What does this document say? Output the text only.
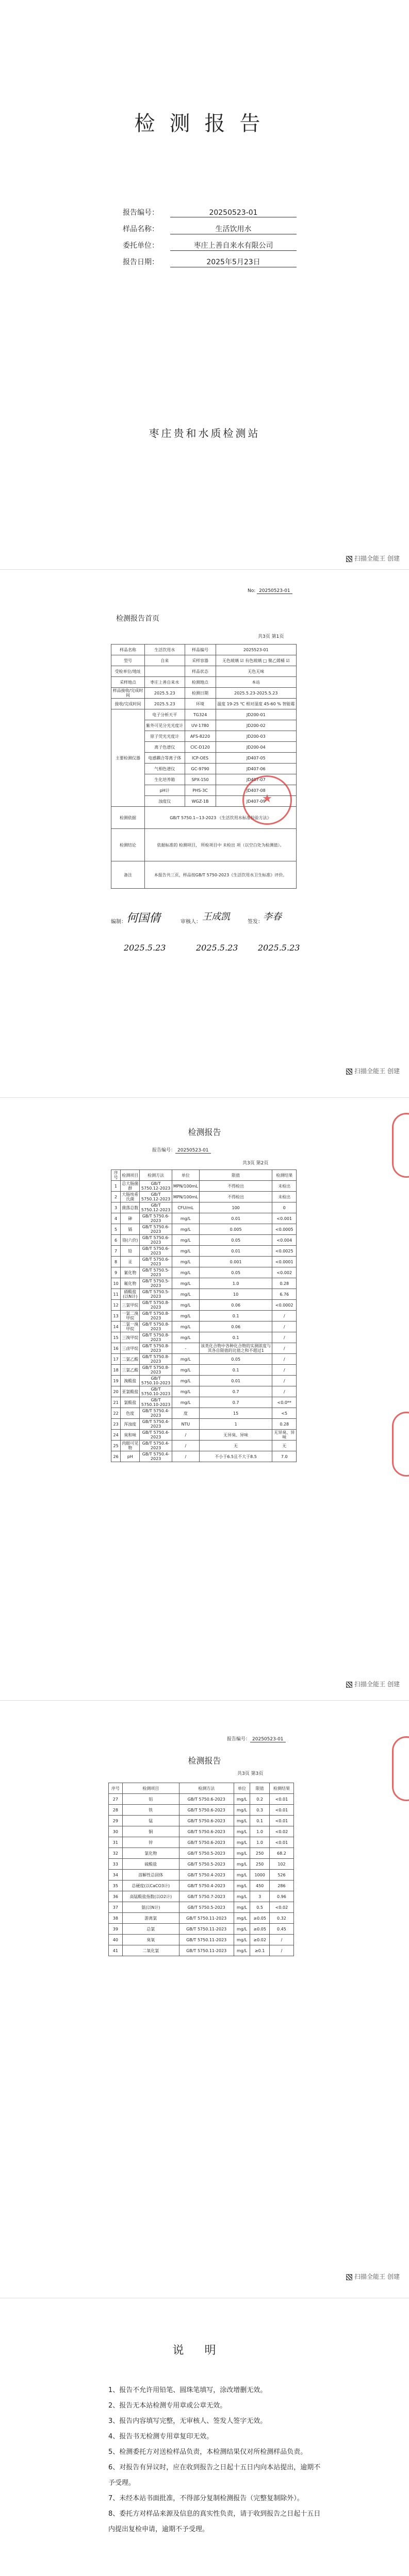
检测报告
报告编号：	20250523-01
样品名称：	生活饮用水
委托单位：	枣庄上善自来水有限公司
报告日期：	2025年5月23日
枣庄贵和水质检测站
扫描全能王 创建
No: 20250523-01
检测报告首页
共3页 第1页
样品名称	生活饮用水	样品编号	2025523-01
型号	自来	采样容器	无色玻璃 ☑ 有色玻璃 □ 聚乙烯桶 ☑
受检单位/地址		样品状态	无色无味
采样地点	枣庄上善自来水	检测地点	本站
样品接收/完成时间	2025.5.23	检测日期	2025.5.23-2025.5.23
接收/完成时间	2025.5.23	环境	温度 19-25 ℃ 相对湿度 45-60 % 智能霉
主要检测仪器	电子分析天平	TG324	JD200-01
	紫外可见分光光度计	UV-1780	JD200-02
	原子荧光光度计	AFS-8220	JD200-03
	离子色谱仪	CIC-D120	JD200-04
	电感耦合等离子体	ICP-OES	JD407-05
	气相色谱仪	GC-9790	JD407-06
	生化培养箱	SPX-150	JD407-07
	pH计	PHS-3C	JD407-08
	浊度仪	WGZ-1B	JD407-09
检测依据	GB/T 5750.1~13-2023 《生活饮用水标准检验方法》		
检测结论	依据标准的 检测项目， 所检项目中 未检出 项（以空白处为检测值）。		
备注	本报告共三页，样品按GB/T 5750-2023《生活饮用水卫生标准》评价。		
★
编制： 何国倩	审核人： 王成凯	签发： 李春
2025.5.23	2025.5.23 2025.5.23
扫描全能王 创建
检测报告
报告编号： 20250523-01
共3页 第2页
序号	检测项目	检测方法	单位	限值	检测结果
1	总大肠菌群	GB/T 5750.12-2023	MPN/100mL	不得检出	未检出
2	大肠埃希氏菌	GB/T 5750.12-2023	MPN/100mL	不得检出	未检出
3	菌落总数	GB/T 5750.12-2023	CFU/mL	100	0
4	砷	GB/T 5750.6-2023	mg/L	0.01	<0.001
5	镉	GB/T 5750.6-2023	mg/L	0.005	<0.0005
6	铬(六价)	GB/T 5750.6-2023	mg/L	0.05	<0.004
7	铅	GB/T 5750.6-2023	mg/L	0.01	<0.0025
8	汞	GB/T 5750.6-2023	mg/L	0.001	<0.0001
9	氰化物	GB/T 5750.5-2023	mg/L	0.05	<0.002
10	氟化物	GB/T 5750.5-2023	mg/L	1.0	0.28
11	硝酸盐(以N计)	GB/T 5750.5-2023	mg/L	10	6.76
12	三氯甲烷	GB/T 5750.8-2023	mg/L	0.06	<0.0002
13	一氯二溴甲烷	GB/T 5750.8-2023	mg/L	0.1	/
14	二氯一溴甲烷	GB/T 5750.8-2023	mg/L	0.06	/
15	三溴甲烷	GB/T 5750.8-2023	mg/L	0.1	/
16	三卤甲烷	GB/T 5750.8-2023	-	该类化合物中各种化合物的实测浓度与其各自限值的比值之和不超过1	/
17	二氯乙酸	GB/T 5750.8-2023	mg/L	0.05	/
18	三氯乙酸	GB/T 5750.8-2023	mg/L	0.1	/
19	溴酸盐	GB/T 5750.10-2023	mg/L	0.01	/
20	亚氯酸盐	GB/T 5750.10-2023	mg/L	0.7	/
21	氯酸盐	GB/T 5750.10-2023	mg/L	0.7	<0.0**
22	色度	GB/T 5750.4-2023	度	15	<5
23	浑浊度	GB/T 5750.4-2023	NTU	1	0.28
24	臭和味	GB/T 5750.4-2023	/	无异臭、异味	无异臭、异味
25	肉眼可见物	GB/T 5750.4-2023	/	无	无
26	pH	GB/T 5750.4-2023	/	不小于6.5且不大于8.5	7.0
扫描全能王 创建
检测报告
报告编号： 20250523-01
共3页 第3页
序号	检测项目	检测方法	单位	限值	检测结果
27	铝	GB/T 5750.6-2023	mg/L	0.2	<0.01
28	铁	GB/T 5750.6-2023	mg/L	0.3	<0.01
29	锰	GB/T 5750.6-2023	mg/L	0.1	<0.01
30	铜	GB/T 5750.6-2023	mg/L	1.0	<0.02
31	锌	GB/T 5750.6-2023	mg/L	1.0	<0.01
32	氯化物	GB/T 5750.5-2023	mg/L	250	68.2
33	硫酸盐	GB/T 5750.5-2023	mg/L	250	102
34	溶解性总固体	GB/T 5750.4-2023	mg/L	1000	526
35	总硬度(以CaCO3计)	GB/T 5750.4-2023	mg/L	450	286
36	高锰酸盐指数(以O2计)	GB/T 5750.7-2023	mg/L	3	0.96
37	氨(以N计)	GB/T 5750.5-2023	mg/L	0.5	<0.02
38	游离氯	GB/T 5750.11-2023	mg/L	≥0.05	0.32
39	总氯	GB/T 5750.11-2023	mg/L	≥0.05	0.45
40	臭氧	GB/T 5750.11-2023	mg/L	≥0.02	/
41	二氧化氯	GB/T 5750.11-2023	mg/L	≥0.1	/
扫描全能王 创建
说明
1、报告不允许用铅笔、圆珠笔填写，涂改增删无效。
2、报告无本站检测专用章或公章无效。
3、报告内容填写完整，无审核人、签发人签字无效。
4、报告书无检测专用章复印无效。
5、检测委托方对送检样品负责，本检测结果仅对所检测样品负责。
6、对报告有异议时，应在收到报告之日起十五日内向本站提出，逾期不予受理。
7、未经本站书面批准，不得部分复制检测报告（完整复制除外）。
8、委托方对样品来源及信息的真实性负责，请于收到报告之日起十五日内提出复检申请，逾期不予受理。
